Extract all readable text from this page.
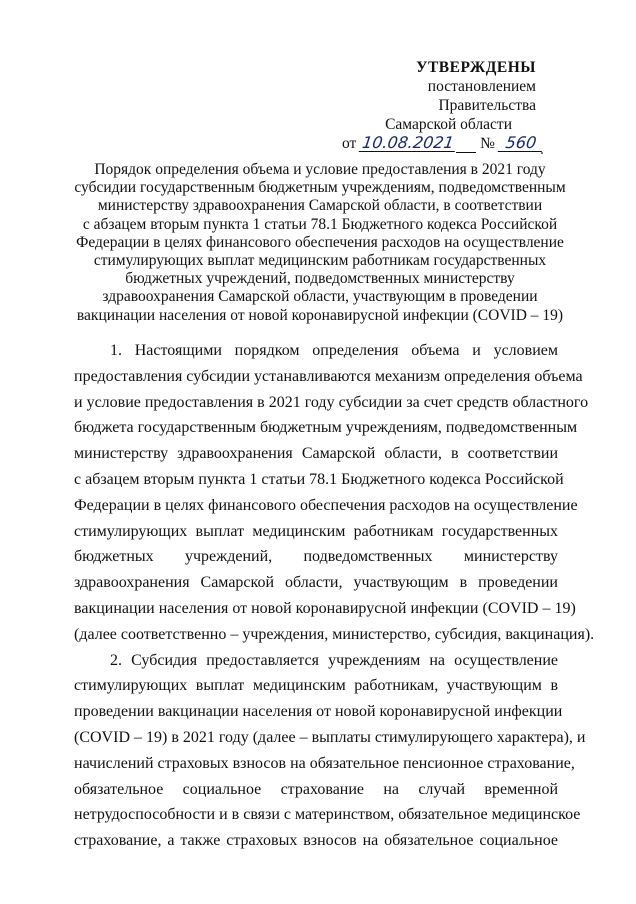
УТВЕРЖДЕНЫ
постановлением Правительства
Самарской области
от 10.08.2021 № 560
Порядок определения объема и условие предоставления в 2021 году
субсидии государственным бюджетным учреждениям, подведомственным
министерству здравоохранения Самарской области, в соответствии
с абзацем вторым пункта 1 статьи 78.1 Бюджетного кодекса Российской
Федерации в целях финансового обеспечения расходов на осуществление
стимулирующих выплат медицинским работникам государственных
бюджетных учреждений, подведомственных министерству
здравоохранения Самарской области, участвующим в проведении
вакцинации населения от новой коронавирусной инфекции (COVID – 19)
1. Настоящими порядком определения объема и условием
предоставления субсидии устанавливаются механизм определения объема
и условие предоставления в 2021 году субсидии за счет средств областного
бюджета государственным бюджетным учреждениям, подведомственным
министерству здравоохранения Самарской области, в соответствии
с абзацем вторым пункта 1 статьи 78.1 Бюджетного кодекса Российской
Федерации в целях финансового обеспечения расходов на осуществление
стимулирующих выплат медицинским работникам государственных
бюджетных учреждений, подведомственных министерству
здравоохранения Самарской области, участвующим в проведении
вакцинации населения от новой коронавирусной инфекции (COVID – 19)
(далее соответственно – учреждения, министерство, субсидия, вакцинация).
2. Субсидия предоставляется учреждениям на осуществление
стимулирующих выплат медицинским работникам, участвующим в
проведении вакцинации населения от новой коронавирусной инфекции
(COVID – 19) в 2021 году (далее – выплаты стимулирующего характера), и
начислений страховых взносов на обязательное пенсионное страхование,
обязательное социальное страхование на случай временной
нетрудоспособности и в связи с материнством, обязательное медицинское
страхование, а также страховых взносов на обязательное социальное
